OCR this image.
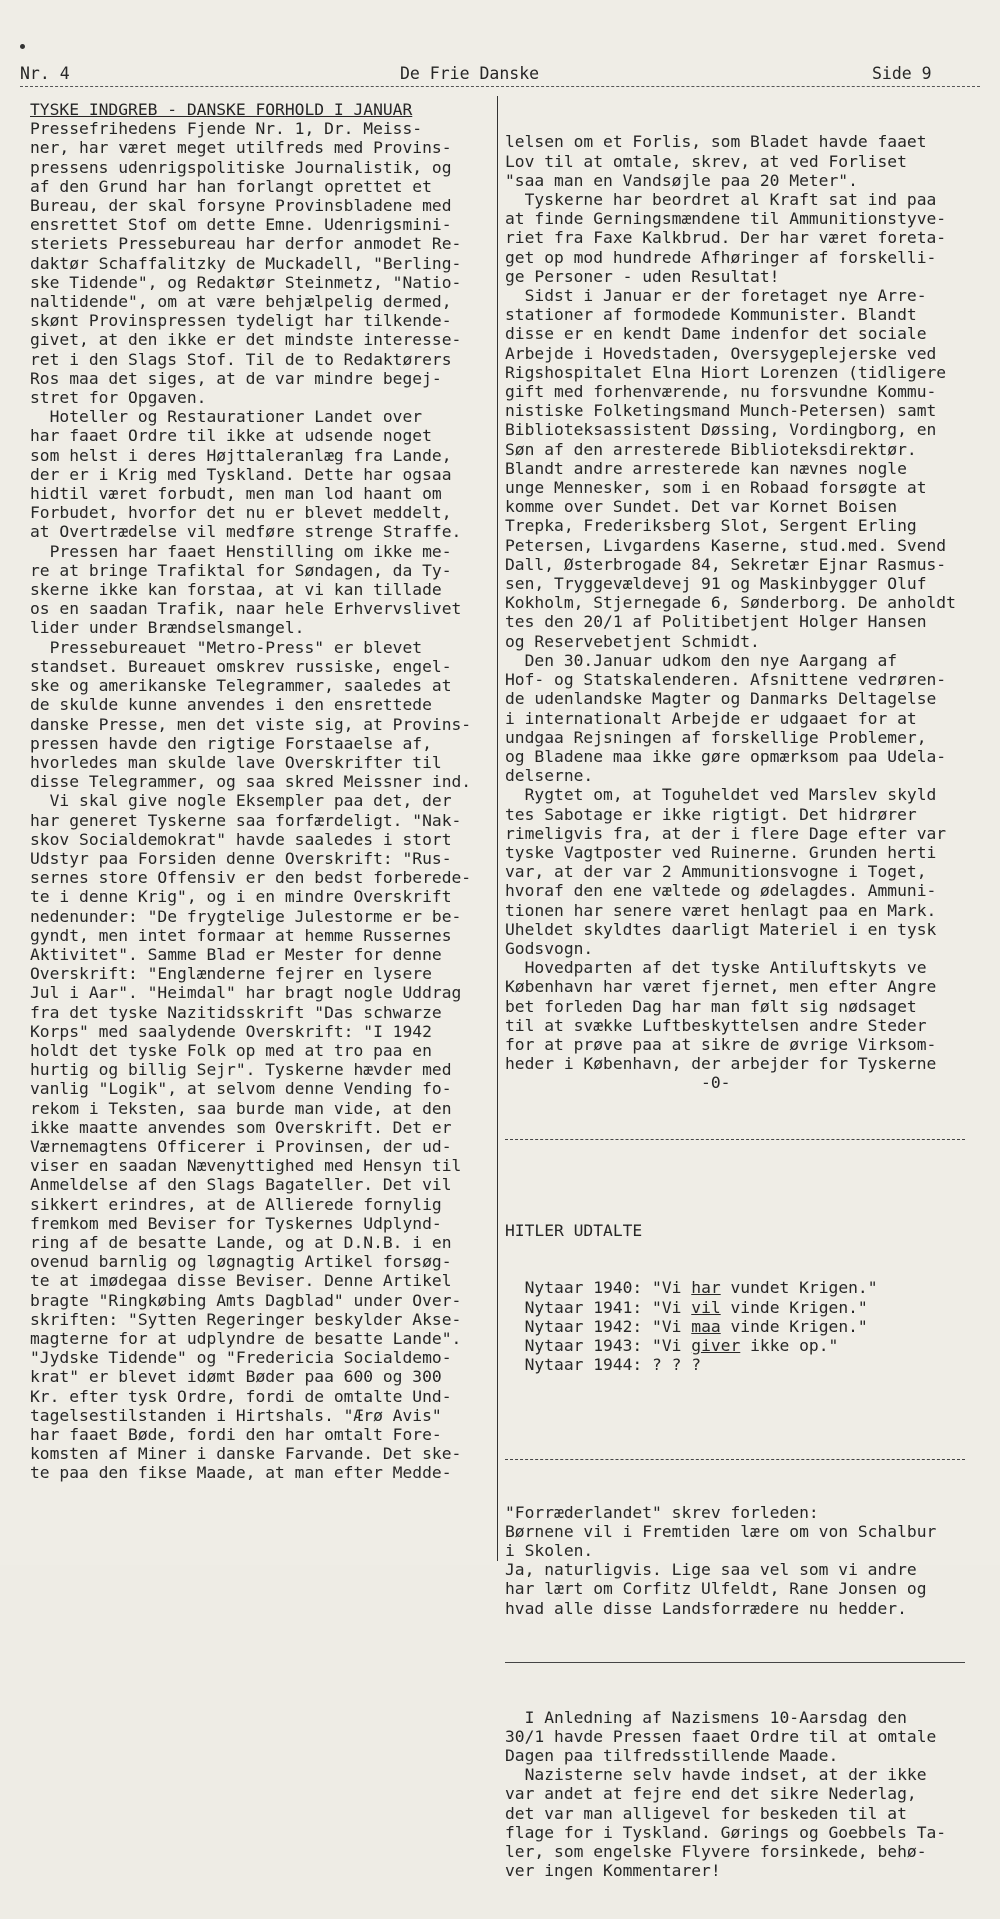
Nr. 4	De Frie Danske	Side 9
TYSKE INDGREB - DANSKE FORHOLD I JANUAR
Pressefrihedens Fjende Nr. 1, Dr. Meiss-
ner, har været meget utilfreds med Provins-
pressens udenrigspolitiske Journalistik, og
af den Grund har han forlangt oprettet et
Bureau, der skal forsyne Provinsbladene med
ensrettet Stof om dette Emne. Udenrigsmini-
steriets Pressebureau har derfor anmodet Re-
daktør Schaffalitzky de Muckadell, "Berling-
ske Tidende", og Redaktør Steinmetz, "Natio-
naltidende", om at være behjælpelig dermed,
skønt Provinspressen tydeligt har tilkende-
givet, at den ikke er det mindste interesse-
ret i den Slags Stof. Til de to Redaktørers
Ros maa det siges, at de var mindre begej-
stret for Opgaven.
Hoteller og Restaurationer Landet over
har faaet Ordre til ikke at udsende noget
som helst i deres Højttaleranlæg fra Lande,
der er i Krig med Tyskland. Dette har ogsaa
hidtil været forbudt, men man lod haant om
Forbudet, hvorfor det nu er blevet meddelt,
at Overtrædelse vil medføre strenge Straffe.
Pressen har faaet Henstilling om ikke me-
re at bringe Trafiktal for Søndagen, da Ty-
skerne ikke kan forstaa, at vi kan tillade
os en saadan Trafik, naar hele Erhvervslivet
lider under Brændselsmangel.
Pressebureauet "Metro-Press" er blevet
standset. Bureauet omskrev russiske, engel-
ske og amerikanske Telegrammer, saaledes at
de skulde kunne anvendes i den ensrettede
danske Presse, men det viste sig, at Provins-
pressen havde den rigtige Forstaaelse af,
hvorledes man skulde lave Overskrifter til
disse Telegrammer, og saa skred Meissner ind.
Vi skal give nogle Eksempler paa det, der
har generet Tyskerne saa forfærdeligt. "Nak-
skov Socialdemokrat" havde saaledes i stort
Udstyr paa Forsiden denne Overskrift: "Rus-
sernes store Offensiv er den bedst forberede-
te i denne Krig", og i en mindre Overskrift
nedenunder: "De frygtelige Julestorme er be-
gyndt, men intet formaar at hemme Russernes
Aktivitet". Samme Blad er Mester for denne
Overskrift: "Englænderne fejrer en lysere
Jul i Aar". "Heimdal" har bragt nogle Uddrag
fra det tyske Nazitidsskrift "Das schwarze
Korps" med saalydende Overskrift: "I 1942
holdt det tyske Folk op med at tro paa en
hurtig og billig Sejr". Tyskerne hævder med
vanlig "Logik", at selvom denne Vending fo-
rekom i Teksten, saa burde man vide, at den
ikke maatte anvendes som Overskrift. Det er
Værnemagtens Officerer i Provinsen, der ud-
viser en saadan Nævenyttighed med Hensyn til
Anmeldelse af den Slags Bagateller. Det vil
sikkert erindres, at de Allierede fornylig
fremkom med Beviser for Tyskernes Udplynd-
ring af de besatte Lande, og at D.N.B. i en
ovenud barnlig og løgnagtig Artikel forsøg-
te at imødegaa disse Beviser. Denne Artikel
bragte "Ringkøbing Amts Dagblad" under Over-
skriften: "Sytten Regeringer beskylder Akse-
magterne for at udplyndre de besatte Lande".
"Jydske Tidende" og "Fredericia Socialdemo-
krat" er blevet idømt Bøder paa 600 og 300
Kr. efter tysk Ordre, fordi de omtalte Und-
tagelsestilstanden i Hirtshals. "Ærø Avis"
har faaet Bøde, fordi den har omtalt Fore-
komsten af Miner i danske Farvande. Det ske-
te paa den fikse Maade, at man efter Medde-

lelsen om et Forlis, som Bladet havde faaet
Lov til at omtale, skrev, at ved Forliset
"saa man en Vandsøjle paa 20 Meter".
Tyskerne har beordret al Kraft sat ind paa
at finde Gerningsmændene til Ammunitionstyve-
riet fra Faxe Kalkbrud. Der har været foreta-
get op mod hundrede Afhøringer af forskelli-
ge Personer - uden Resultat!
Sidst i Januar er der foretaget nye Arre-
stationer af formodede Kommunister. Blandt
disse er en kendt Dame indenfor det sociale
Arbejde i Hovedstaden, Oversygeplejerske ved
Rigshospitalet Elna Hiort Lorenzen (tidligere
gift med forhenværende, nu forsvundne Kommu-
nistiske Folketingsmand Munch-Petersen) samt
Biblioteksassistent Døssing, Vordingborg, en
Søn af den arresterede Biblioteksdirektør.
Blandt andre arresterede kan nævnes nogle
unge Mennesker, som i en Robaad forsøgte at
komme over Sundet. Det var Kornet Boisen
Trepka, Frederiksberg Slot, Sergent Erling
Petersen, Livgardens Kaserne, stud.med. Svend
Dall, Østerbrogade 84, Sekretær Ejnar Rasmus-
sen, Tryggevældevej 91 og Maskinbygger Oluf
Kokholm, Stjernegade 6, Sønderborg. De anholdt
tes den 20/1 af Politibetjent Holger Hansen
og Reservebetjent Schmidt.
Den 30.Januar udkom den nye Aargang af
Hof- og Statskalenderen. Afsnittene vedrøren-
de udenlandske Magter og Danmarks Deltagelse
i internationalt Arbejde er udgaaet for at
undgaa Rejsningen af forskellige Problemer,
og Bladene maa ikke gøre opmærksom paa Udela-
delserne.
Rygtet om, at Toguheldet ved Marslev skyld
tes Sabotage er ikke rigtigt. Det hidrører
rimeligvis fra, at der i flere Dage efter var
tyske Vagtposter ved Ruinerne. Grunden herti
var, at der var 2 Ammunitionsvogne i Toget,
hvoraf den ene væltede og ødelagdes. Ammuni-
tionen har senere været henlagt paa en Mark.
Uheldet skyldtes daarligt Materiel i en tysk
Godsvogn.
Hovedparten af det tyske Antiluftskyts ve
København har været fjernet, men efter Angre
bet forleden Dag har man følt sig nødsaget
til at svække Luftbeskyttelsen andre Steder
for at prøve paa at sikre de øvrige Virksom-
heder i København, der arbejder for Tyskerne
-0-

HITLER UDTALTE

Nytaar 1940: "Vi har vundet Krigen."
Nytaar 1941: "Vi vil vinde Krigen."
Nytaar 1942: "Vi maa vinde Krigen."
Nytaar 1943: "Vi giver ikke op."
Nytaar 1944: ? ? ?

"Forræderlandet" skrev forleden:
Børnene vil i Fremtiden lære om von Schalbur
i Skolen.
Ja, naturligvis. Lige saa vel som vi andre
har lært om Corfitz Ulfeldt, Rane Jonsen og
hvad alle disse Landsforrædere nu hedder.

I Anledning af Nazismens 10-Aarsdag den
30/1 havde Pressen faaet Ordre til at omtale
Dagen paa tilfredsstillende Maade.
Nazisterne selv havde indset, at der ikke
var andet at fejre end det sikre Nederlag,
det var man alligevel for beskeden til at
flage for i Tyskland. Gørings og Goebbels Ta-
ler, som engelske Flyvere forsinkede, behø-
ver ingen Kommentarer!
